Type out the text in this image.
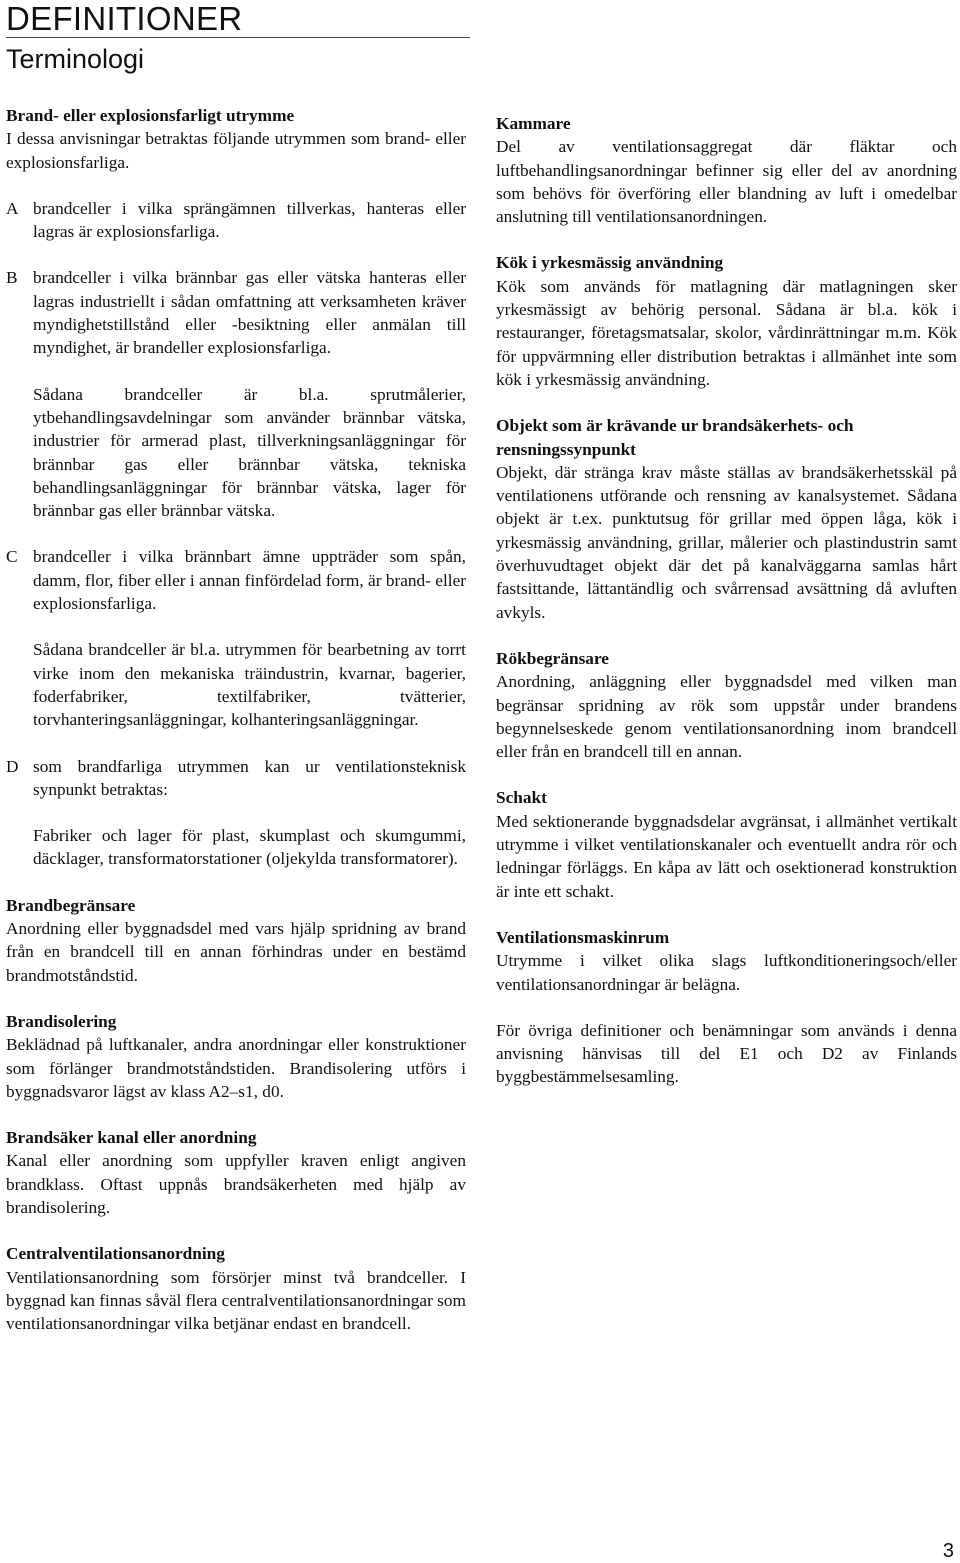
DEFINITIONER
Terminologi
Brand- eller explosionsfarligt utrymme

I dessa anvisningar betraktas följande utrymmen som brand- eller explosionsfarliga.

A brandceller i vilka sprängämnen tillverkas, hanteras eller lagras är explosionsfarliga.
B brandceller i vilka brännbar gas eller vätska hanteras eller lagras industriellt i sådan omfattning att verksamheten kräver myndighetstillstånd eller -besiktning eller anmälan till myndighet, är brandeller explosionsfarliga.

Sådana brandceller är bl.a. sprutmålerier, ytbehandlingsavdelningar som använder brännbar vätska, industrier för armerad plast, tillverkningsanläggningar för brännbar gas eller brännbar vätska, tekniska behandlingsanläggningar för brännbar vätska, lager för brännbar gas eller brännbar vätska.

C brandceller i vilka brännbart ämne uppträder som spån, damm, flor, fiber eller i annan finfördelad form, är brand- eller explosionsfarliga.

Sådana brandceller är bl.a. utrymmen för bearbetning av torrt virke inom den mekaniska träindustrin, kvarnar, bagerier, foderfabriker, textilfabriker, tvätterier, torvhanteringsanläggningar, kolhanteringsanläggningar.

D som brandfarliga utrymmen kan ur ventilationsteknisk synpunkt betraktas:

Fabriker och lager för plast, skumplast och skumgummi, däcklager, transformatorstationer (oljekylda transformatorer).

Brandbegränsare

Anordning eller byggnadsdel med vars hjälp spridning av brand från en brandcell till en annan förhindras under en bestämd brandmotståndstid.

Brandisolering

Beklädnad på luftkanaler, andra anordningar eller konstruktioner som förlänger brandmotståndstiden. Brandisolering utförs i byggnadsvaror lägst av klass A2–s1, d0.

Brandsäker kanal eller anordning

Kanal eller anordning som uppfyller kraven enligt angiven brandklass. Oftast uppnås brandsäkerheten med hjälp av brandisolering.

Centralventilationsanordning

Ventilationsanordning som försörjer minst två brandceller. I byggnad kan finnas såväl flera centralventilationsanordningar som ventilationsanordningar vilka betjänar endast en brandcell.

Kammare

Del av ventilationsaggregat där fläktar och luftbehandlingsanordningar befinner sig eller del av anordning som behövs för överföring eller blandning av luft i omedelbar anslutning till ventilationsanordningen.

Kök i yrkesmässig användning

Kök som används för matlagning där matlagningen sker yrkesmässigt av behörig personal. Sådana är bl.a. kök i restauranger, företagsmatsalar, skolor, vårdinrättningar m.m. Kök för uppvärmning eller distribution betraktas i allmänhet inte som kök i yrkesmässig användning.

Objekt som är krävande ur brandsäkerhets- och rensningssynpunkt

Objekt, där stränga krav måste ställas av brandsäkerhetsskäl på ventilationens utförande och rensning av kanalsystemet. Sådana objekt är t.ex. punktutsug för grillar med öppen låga, kök i yrkesmässig användning, grillar, målerier och plastindustrin samt överhuvudtaget objekt där det på kanalväggarna samlas hårt fastsittande, lättantändlig och svårrensad avsättning då avluften avkyls.

Rökbegränsare

Anordning, anläggning eller byggnadsdel med vilken man begränsar spridning av rök som uppstår under brandens begynnelseskede genom ventilationsanordning inom brandcell eller från en brandcell till en annan.

Schakt

Med sektionerande byggnadsdelar avgränsat, i allmänhet vertikalt utrymme i vilket ventilationskanaler och eventuellt andra rör och ledningar förläggs. En kåpa av lätt och osektionerad konstruktion är inte ett schakt.

Ventilationsmaskinrum

Utrymme i vilket olika slags luftkonditioneringsoch/eller ventilationsanordningar är belägna.

För övriga definitioner och benämningar som används i denna anvisning hänvisas till del E1 och D2 av Finlands byggbestämmelsesamling.

3
